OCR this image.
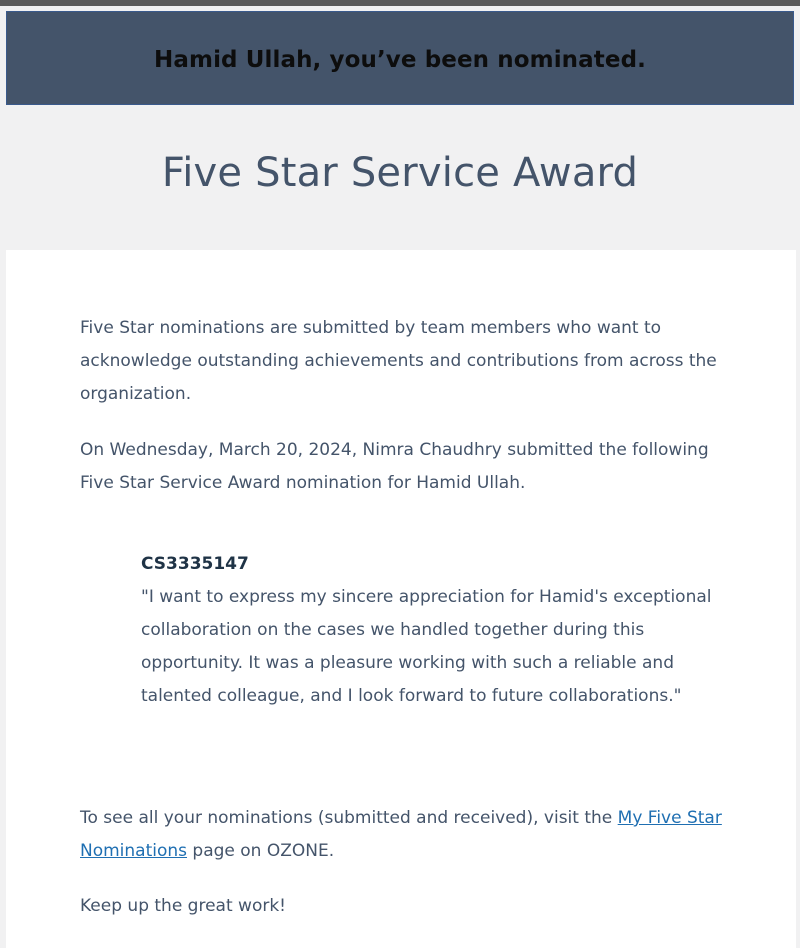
Hamid Ullah, you’ve been nominated.
Five Star Service Award
Five Star nominations are submitted by team members who want to acknowledge outstanding achievements and contributions from across the organization.
On Wednesday, March 20, 2024, Nimra Chaudhry submitted the following Five Star Service Award nomination for Hamid Ullah.
CS3335147
"I want to express my sincere appreciation for Hamid's exceptional collaboration on the cases we handled together during this opportunity. It was a pleasure working with such a reliable and talented colleague, and I look forward to future collaborations."
To see all your nominations (submitted and received), visit the My Five Star Nominations page on OZONE.
Keep up the great work!
